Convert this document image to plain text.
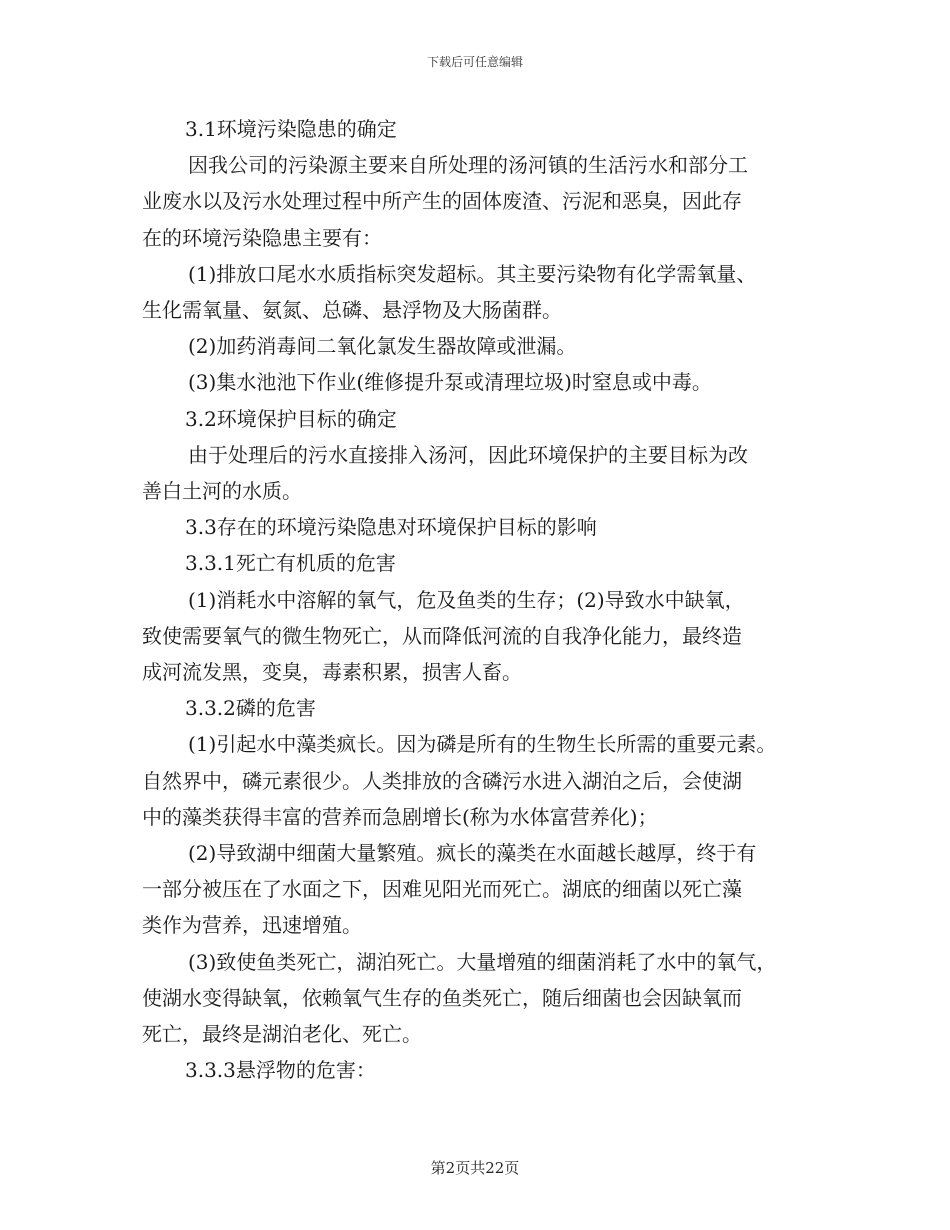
下载后可任意编辑
3.1环境污染隐患的确定
因我公司的污染源主要来自所处理的汤河镇的生活污水和部分工
业废水以及污水处理过程中所产生的固体废渣、污泥和恶臭，因此存
在的环境污染隐患主要有：
(1)排放口尾水水质指标突发超标。其主要污染物有化学需氧量、
生化需氧量、氨氮、总磷、悬浮物及大肠菌群。
(2)加药消毒间二氧化氯发生器故障或泄漏。
(3)集水池池下作业(维修提升泵或清理垃圾)时窒息或中毒。
3.2环境保护目标的确定
由于处理后的污水直接排入汤河，因此环境保护的主要目标为改
善白土河的水质。
3.3存在的环境污染隐患对环境保护目标的影响
3.3.1死亡有机质的危害
(1)消耗水中溶解的氧气，危及鱼类的生存；(2)导致水中缺氧，
致使需要氧气的微生物死亡，从而降低河流的自我净化能力，最终造
成河流发黑，变臭，毒素积累，损害人畜。
3.3.2磷的危害
(1)引起水中藻类疯长。因为磷是所有的生物生长所需的重要元素。
自然界中，磷元素很少。人类排放的含磷污水进入湖泊之后，会使湖
中的藻类获得丰富的营养而急剧增长(称为水体富营养化)；
(2)导致湖中细菌大量繁殖。疯长的藻类在水面越长越厚，终于有
一部分被压在了水面之下，因难见阳光而死亡。湖底的细菌以死亡藻
类作为营养，迅速增殖。
(3)致使鱼类死亡，湖泊死亡。大量增殖的细菌消耗了水中的氧气，
使湖水变得缺氧，依赖氧气生存的鱼类死亡，随后细菌也会因缺氧而
死亡，最终是湖泊老化、死亡。
3.3.3悬浮物的危害：
第2页共22页
